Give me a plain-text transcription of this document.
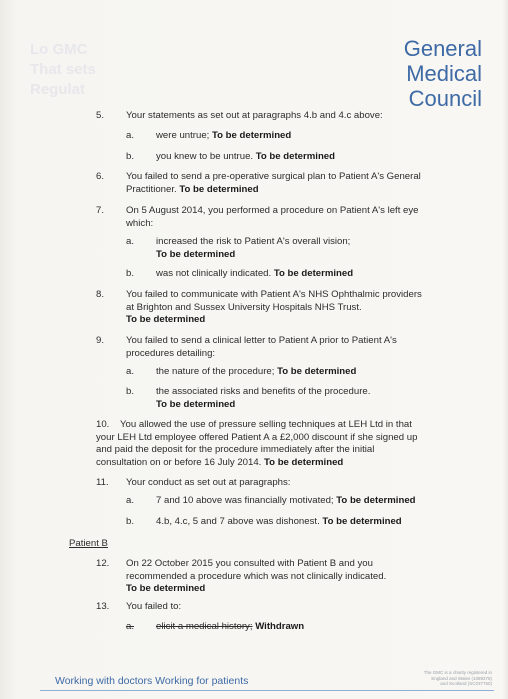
Lo GMC
That sets
Regulat
General
Medical
Council
5. Your statements as set out at paragraphs 4.b and 4.c above:
a. were untrue; To be determined
b. you knew to be untrue. To be determined
6. You failed to send a pre-operative surgical plan to Patient A's General
Practitioner. To be determined
7. On 5 August 2014, you performed a procedure on Patient A's left eye
which:
a. increased the risk to Patient A's overall vision;
To be determined
b. was not clinically indicated. To be determined
8. You failed to communicate with Patient A's NHS Ophthalmic providers
at Brighton and Sussex University Hospitals NHS Trust.
To be determined
9. You failed to send a clinical letter to Patient A prior to Patient A's
procedures detailing:
a. the nature of the procedure; To be determined
b. the associated risks and benefits of the procedure.
To be determined
10. You allowed the use of pressure selling techniques at LEH Ltd in that
your LEH Ltd employee offered Patient A a £2,000 discount if she signed up
and paid the deposit for the procedure immediately after the initial
consultation on or before 16 July 2014. To be determined
11. Your conduct as set out at paragraphs:
a. 7 and 10 above was financially motivated; To be determined
b. 4.b, 4.c, 5 and 7 above was dishonest. To be determined
Patient B
12. On 22 October 2015 you consulted with Patient B and you
recommended a procedure which was not clinically indicated.
To be determined
13. You failed to:
a. elicit a medical history; Withdrawn
Working with doctors Working for patients
The GMC is a charity registered in
England and Wales (1089278)
and Scotland (SC037750)
